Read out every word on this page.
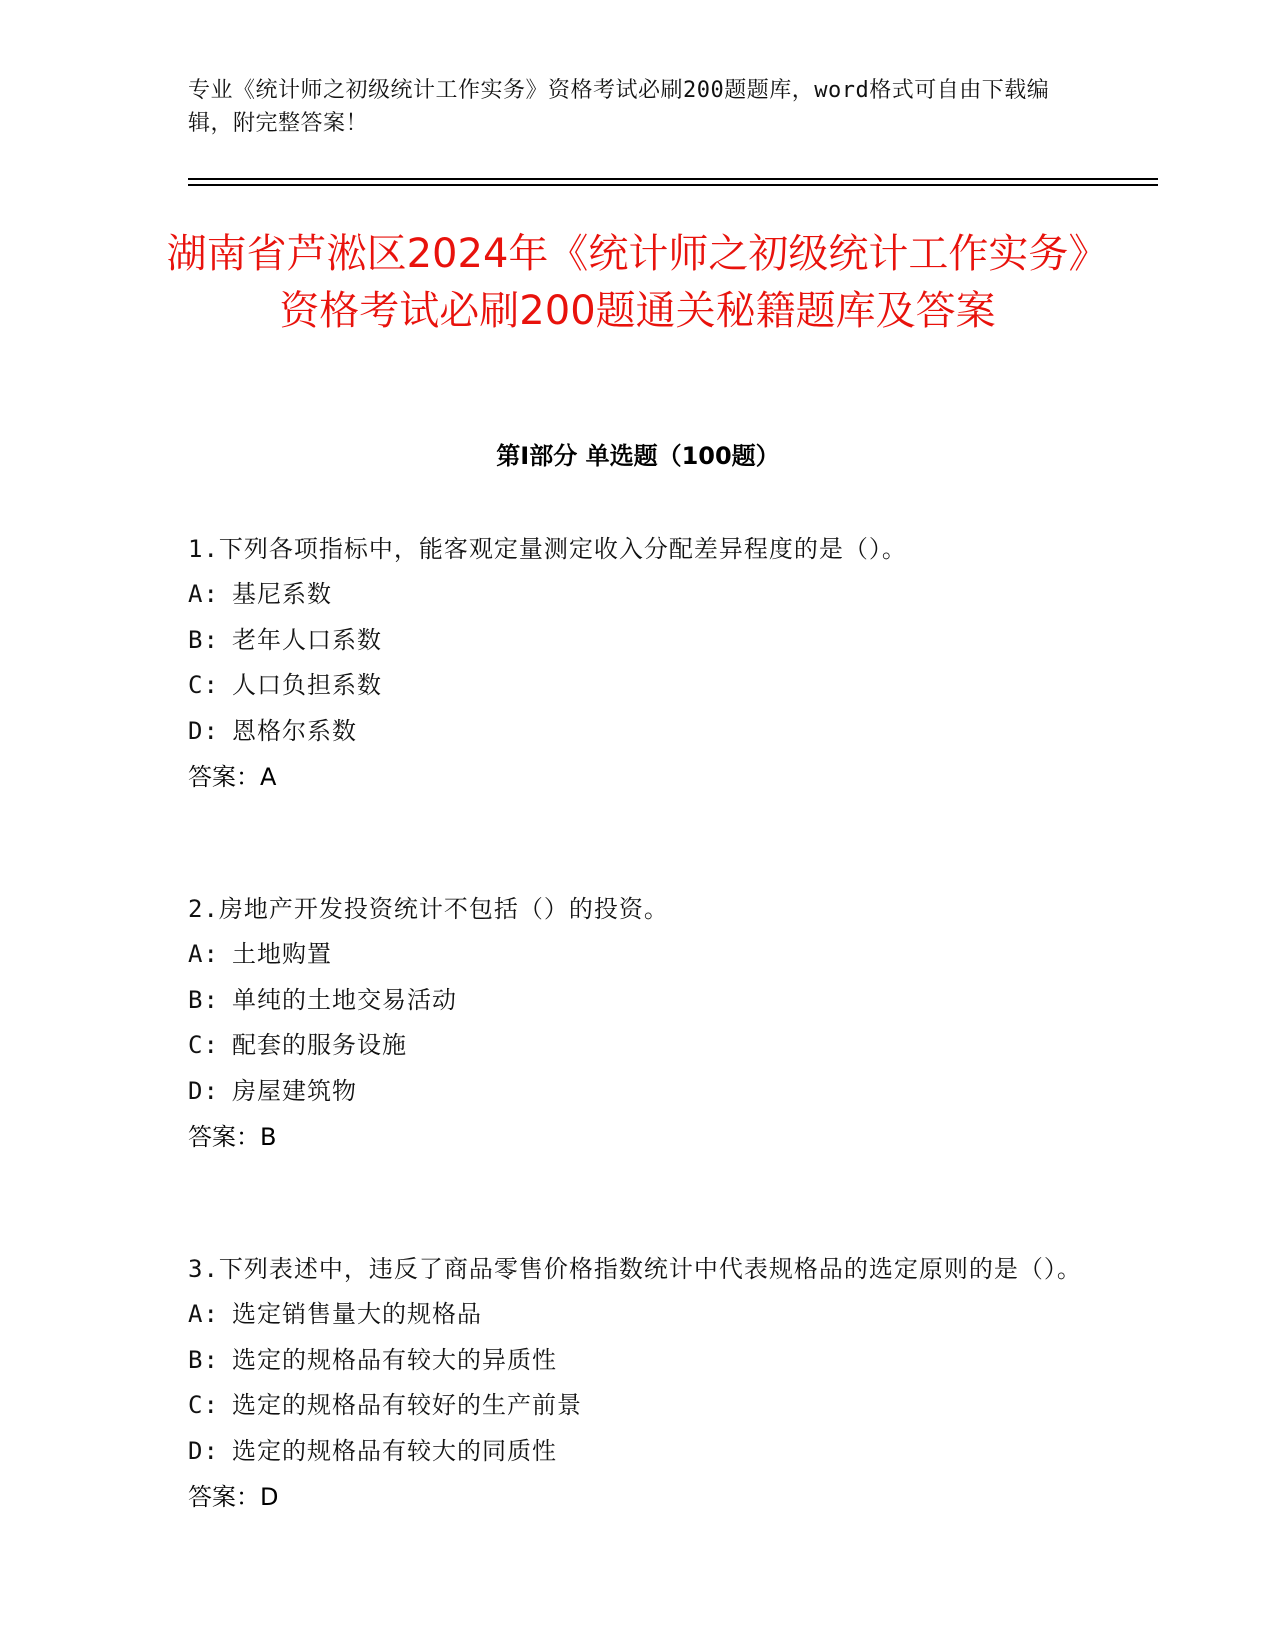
专业《统计师之初级统计工作实务》资格考试必刷200题题库，word格式可自由下载编辑，附完整答案！
湖南省芦淞区2024年《统计师之初级统计工作实务》资格考试必刷200题通关秘籍题库及答案
第Ⅰ部分 单选题（100题）

1.下列各项指标中，能客观定量测定收入分配差异程度的是（）。

A: 基尼系数

B: 老年人口系数

C: 人口负担系数

D: 恩格尔系数

答案：A

2.房地产开发投资统计不包括（）的投资。

A: 土地购置

B: 单纯的土地交易活动

C: 配套的服务设施

D: 房屋建筑物

答案：B

3.下列表述中，违反了商品零售价格指数统计中代表规格品的选定原则的是（）。

A: 选定销售量大的规格品

B: 选定的规格品有较大的异质性

C: 选定的规格品有较好的生产前景

D: 选定的规格品有较大的同质性

答案：D
